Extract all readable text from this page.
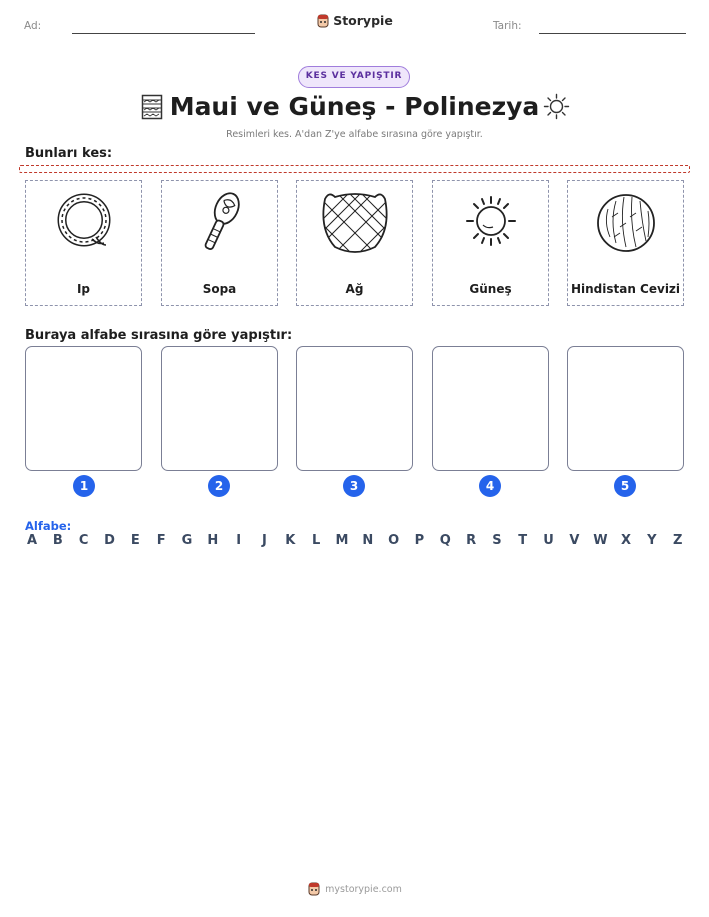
Ad:	Storypie	Tarih:
KES VE YAPIŞTIR
Maui ve Güneş - Polinezya
Resimleri kes. A'dan Z'ye alfabe sırasına göre yapıştır.
Bunları kes:
Ip	Sopa	Ağ	Güneş	Hindistan Cevizi
Buraya alfabe sırasına göre yapıştır:
1	2	3	4	5
Alfabe:
A B C D E F G H	I	J	K L M N O P Q R S T U V W X Y Z
mystorypie.com
